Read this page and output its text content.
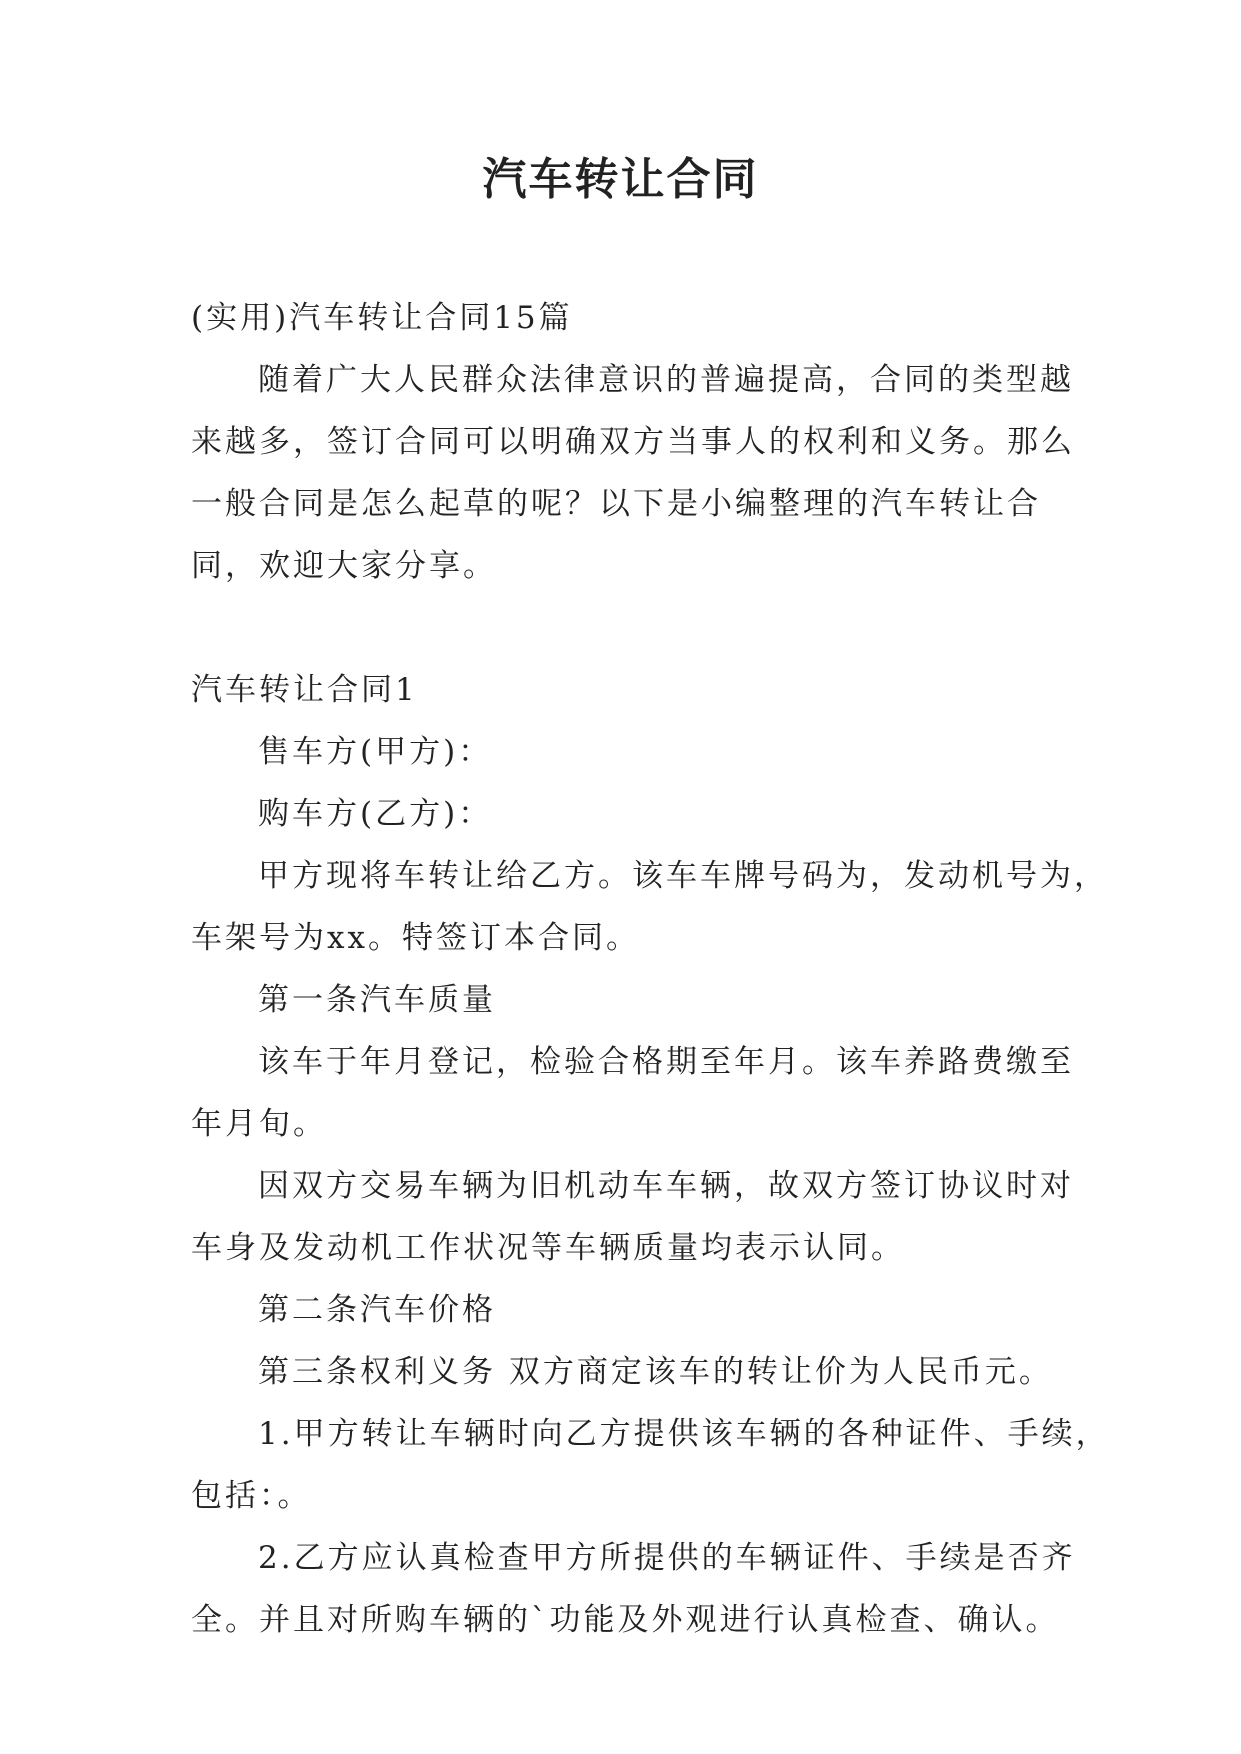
汽车转让合同
(实用)汽车转让合同15篇
随着广大人民群众法律意识的普遍提高，合同的类型越
来越多，签订合同可以明确双方当事人的权利和义务。那么
一般合同是怎么起草的呢？以下是小编整理的汽车转让合
同，欢迎大家分享。
汽车转让合同1
售车方(甲方)：
购车方(乙方)：
甲方现将车转让给乙方。该车车牌号码为，发动机号为，
车架号为xx。特签订本合同。
第一条汽车质量
该车于年月登记，检验合格期至年月。该车养路费缴至
年月旬。
因双方交易车辆为旧机动车车辆，故双方签订协议时对
车身及发动机工作状况等车辆质量均表示认同。
第二条汽车价格
第三条权利义务 双方商定该车的转让价为人民币元。
1.甲方转让车辆时向乙方提供该车辆的各种证件、手续，
包括：。
2.乙方应认真检查甲方所提供的车辆证件、手续是否齐
全。并且对所购车辆的`功能及外观进行认真检查、确认。
